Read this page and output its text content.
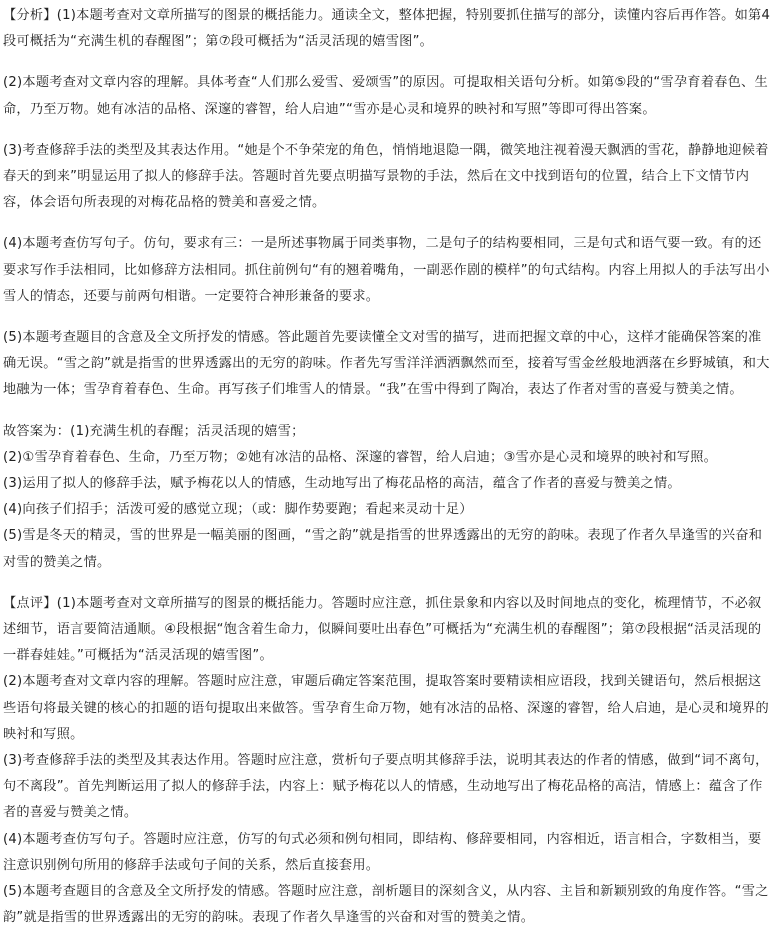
【分析】(1)本题考查对文章所描写的图景的概括能力。通读全文，整体把握，特别要抓住描写的部分，读懂内容后再作答。如第4段可概括为“充满生机的春醒图”；第⑦段可概括为“活灵活现的嬉雪图”。

(2)本题考查对文章内容的理解。具体考查“人们那么爱雪、爱颂雪”的原因。可提取相关语句分析。如第⑤段的“雪孕育着春色、生命，乃至万物。她有冰洁的品格、深邃的睿智，给人启迪”“雪亦是心灵和境界的映衬和写照”等即可得出答案。

(3)考查修辞手法的类型及其表达作用。“她是个不争荣宠的角色，悄悄地退隐一隅，微笑地注视着漫天飘洒的雪花，静静地迎候着春天的到来”明显运用了拟人的修辞手法。答题时首先要点明描写景物的手法，然后在文中找到语句的位置，结合上下文情节内容，体会语句所表现的对梅花品格的赞美和喜爱之情。

(4)本题考查仿写句子。仿句，要求有三：一是所述事物属于同类事物，二是句子的结构要相同，三是句式和语气要一致。有的还要求写作手法相同，比如修辞方法相同。抓住前例句“有的翘着嘴角，一副恶作剧的模样”的句式结构。内容上用拟人的手法写出小雪人的情态，还要与前两句相谐。一定要符合神形兼备的要求。

(5)本题考查题目的含意及全文所抒发的情感。答此题首先要读懂全文对雪的描写，进而把握文章的中心，这样才能确保答案的准确无误。“雪之韵”就是指雪的世界透露出的无穷的韵味。作者先写雪洋洋洒洒飘然而至，接着写雪金丝般地洒落在乡野城镇，和大地融为一体；雪孕育着春色、生命。再写孩子们堆雪人的情景。“我”在雪中得到了陶冶，表达了作者对雪的喜爱与赞美之情。

故答案为：(1)充满生机的春醒；活灵活现的嬉雪；

(2)①雪孕育着春色、生命，乃至万物；②她有冰洁的品格、深邃的睿智，给人启迪；③雪亦是心灵和境界的映衬和写照。

(3)运用了拟人的修辞手法，赋予梅花以人的情感，生动地写出了梅花品格的高洁，蕴含了作者的喜爱与赞美之情。

(4)向孩子们招手；活泼可爱的感觉立现；（或：脚作势要跑；看起来灵动十足）

(5)雪是冬天的精灵，雪的世界是一幅美丽的图画，“雪之韵”就是指雪的世界透露出的无穷的韵味。表现了作者久旱逢雪的兴奋和对雪的赞美之情。

【点评】(1)本题考查对文章所描写的图景的概括能力。答题时应注意，抓住景象和内容以及时间地点的变化，梳理情节，不必叙述细节，语言要简洁通顺。④段根据“饱含着生命力，似瞬间要吐出春色”可概括为“充满生机的春醒图”；第⑦段根据“活灵活现的一群春娃娃。”可概括为“活灵活现的嬉雪图”。

(2)本题考查对文章内容的理解。答题时应注意，审题后确定答案范围，提取答案时要精读相应语段，找到关键语句，然后根据这些语句将最关键的核心的扣题的语句提取出来做答。雪孕育生命万物，她有冰洁的品格、深邃的睿智，给人启迪，是心灵和境界的映衬和写照。

(3)考查修辞手法的类型及其表达作用。答题时应注意，赏析句子要点明其修辞手法，说明其表达的作者的情感，做到“词不离句，句不离段”。首先判断运用了拟人的修辞手法，内容上：赋予梅花以人的情感，生动地写出了梅花品格的高洁，情感上：蕴含了作者的喜爱与赞美之情。

(4)本题考查仿写句子。答题时应注意，仿写的句式必须和例句相同，即结构、修辞要相同，内容相近，语言相合，字数相当，要注意识别例句所用的修辞手法或句子间的关系，然后直接套用。

(5)本题考查题目的含意及全文所抒发的情感。答题时应注意，剖析题目的深刻含义，从内容、主旨和新颖别致的角度作答。“雪之韵”就是指雪的世界透露出的无穷的韵味。表现了作者久旱逢雪的兴奋和对雪的赞美之情。
